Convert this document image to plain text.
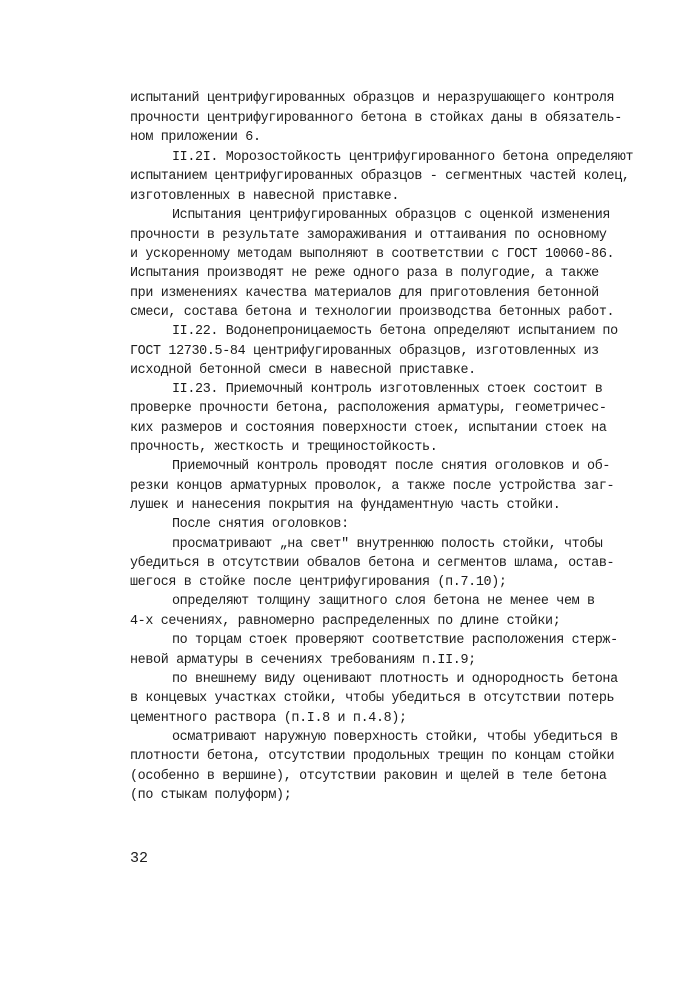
испытаний центрифугированных образцов и неразрушающего контроля
прочности центрифугированного бетона в стойках даны в обязатель-
ном приложении 6.
II.2I. Морозостойкость центрифугированного бетона определяют
испытанием центрифугированных образцов - сегментных частей колец,
изготовленных в навесной приставке.
Испытания центрифугированных образцов с оценкой изменения
прочности в результате замораживания и оттаивания по основному
и ускоренному методам выполняют в соответствии с ГОСТ 10060-86.
Испытания производят не реже одного раза в полугодие, а также
при изменениях качества материалов для приготовления бетонной
смеси, состава бетона и технологии производства бетонных работ.
II.22. Водонепроницаемость бетона определяют испытанием по
ГОСТ 12730.5-84 центрифугированных образцов, изготовленных из
исходной бетонной смеси в навесной приставке.
II.23. Приемочный контроль изготовленных стоек состоит в
проверке прочности бетона, расположения арматуры, геометричес-
ких размеров и состояния поверхности стоек, испытании стоек на
прочность, жесткость и трещиностойкость.
Приемочный контроль проводят после снятия оголовков и об-
резки концов арматурных проволок, а также после устройства заг-
лушек и нанесения покрытия на фундаментную часть стойки.
После снятия оголовков:
просматривают „на свет" внутреннюю полость стойки, чтобы
убедиться в отсутствии обвалов бетона и сегментов шлама, остав-
шегося в стойке после центрифугирования (п.7.10);
определяют толщину защитного слоя бетона не менее чем в
4-х сечениях, равномерно распределенных по длине стойки;
по торцам стоек проверяют соответствие расположения стерж-
невой арматуры в сечениях требованиям п.II.9;
по внешнему виду оценивают плотность и однородность бетона
в концевых участках стойки, чтобы убедиться в отсутствии потерь
цементного раствора (п.I.8 и п.4.8);
осматривают наружную поверхность стойки, чтобы убедиться в
плотности бетона, отсутствии продольных трещин по концам стойки
(особенно в вершине), отсутствии раковин и щелей в теле бетона
(по стыкам полуформ);
32
